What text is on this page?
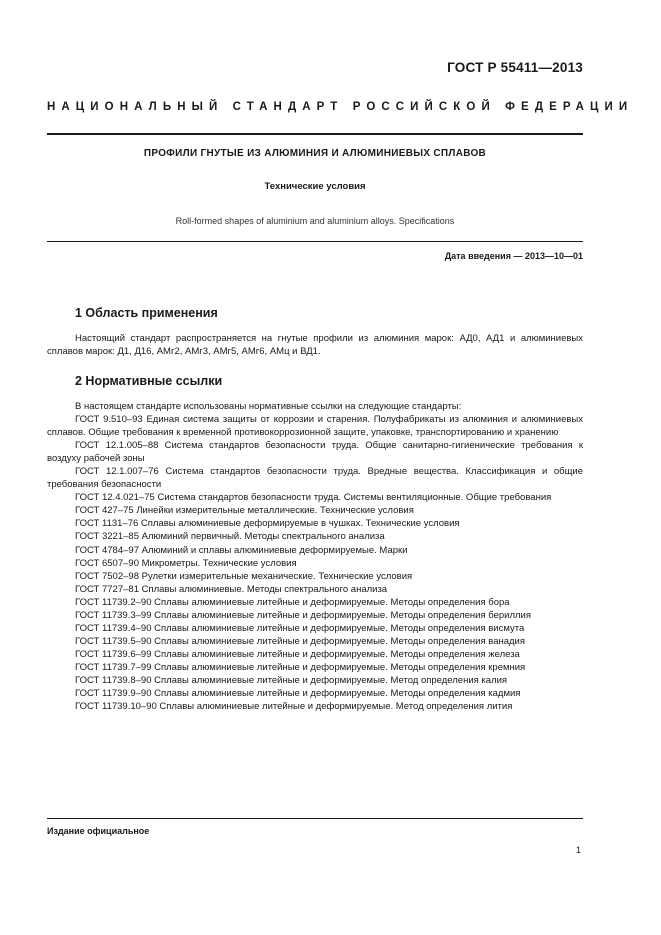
ГОСТ Р 55411—2013
НАЦИОНАЛЬНЫЙ СТАНДАРТ РОССИЙСКОЙ ФЕДЕРАЦИИ
ПРОФИЛИ ГНУТЫЕ ИЗ АЛЮМИНИЯ И АЛЮМИНИЕВЫХ СПЛАВОВ
Технические условия
Roll-formed shapes of aluminium and aluminium alloys. Specifications
Дата введения — 2013—10—01
1 Область применения

Настоящий стандарт распространяется на гнутые профили из алюминия марок: АД0, АД1 и алюминиевых сплавов марок: Д1, Д16, АМг2, АМг3, АМг5, АМг6, АМц и ВД1.

2 Нормативные ссылки

В настоящем стандарте использованы нормативные ссылки на следующие стандарты:

ГОСТ 9.510–93 Единая система защиты от коррозии и старения. Полуфабрикаты из алюминия и алюминиевых сплавов. Общие требования к временной противокоррозионной защите, упаковке, транспортированию и хранению

ГОСТ 12.1.005–88 Система стандартов безопасности труда. Общие санитарно-гигиенические требования к воздуху рабочей зоны

ГОСТ 12.1.007–76 Система стандартов безопасности труда. Вредные вещества. Классификация и общие требования безопасности

ГОСТ 12.4.021–75 Система стандартов безопасности труда. Системы вентиляционные. Общие требования

ГОСТ 427–75 Линейки измерительные металлические. Технические условия

ГОСТ 1131–76 Сплавы алюминиевые деформируемые в чушках. Технические условия

ГОСТ 3221–85 Алюминий первичный. Методы спектрального анализа

ГОСТ 4784–97 Алюминий и сплавы алюминиевые деформируемые. Марки

ГОСТ 6507–90 Микрометры. Технические условия

ГОСТ 7502–98 Рулетки измерительные механические. Технические условия

ГОСТ 7727–81 Сплавы алюминиевые. Методы спектрального анализа

ГОСТ 11739.2–90 Сплавы алюминиевые литейные и деформируемые. Методы определения бора

ГОСТ 11739.3–99 Сплавы алюминиевые литейные и деформируемые. Методы определения бериллия

ГОСТ 11739.4–90 Сплавы алюминиевые литейные и деформируемые. Методы определения висмута

ГОСТ 11739.5–90 Сплавы алюминиевые литейные и деформируемые. Методы определения ванадия

ГОСТ 11739.6–99 Сплавы алюминиевые литейные и деформируемые. Методы определения железа

ГОСТ 11739.7–99 Сплавы алюминиевые литейные и деформируемые. Методы определения кремния

ГОСТ 11739.8–90 Сплавы алюминиевые литейные и деформируемые. Метод определения калия

ГОСТ 11739.9–90 Сплавы алюминиевые литейные и деформируемые. Методы определения кадмия

ГОСТ 11739.10–90 Сплавы алюминиевые литейные и деформируемые. Метод определения лития

Издание официальное
1
